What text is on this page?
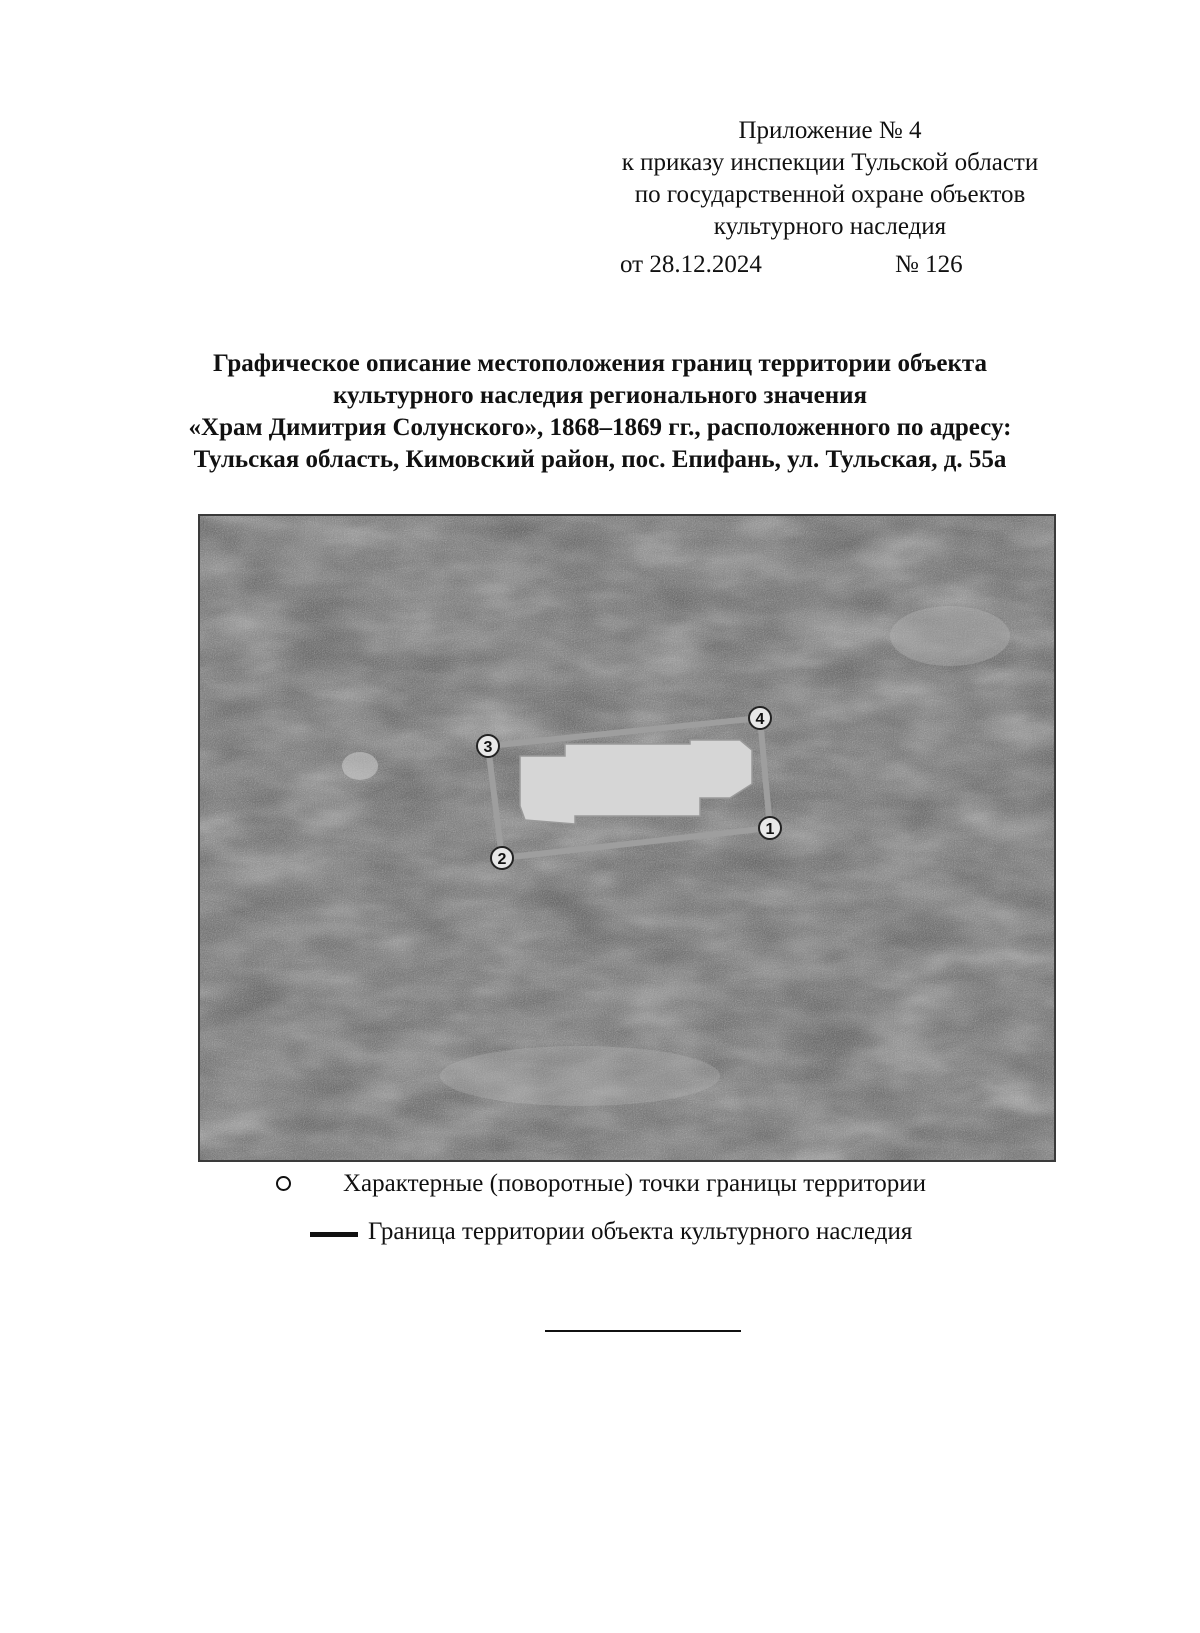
Приложение № 4
к приказу инспекции Тульской области
по государственной охране объектов
культурного наследия
от 28.12.2024	№ 126
Графическое описание местоположения границ территории объекта
культурного наследия регионального значения
«Храм Димитрия Солунского», 1868–1869 гг., расположенного по адресу:
Тульская область, Кимовский район, пос. Епифань, ул. Тульская, д. 55а
1
2
3
4
Характерные (поворотные) точки границы территории
Граница территории объекта культурного наследия
